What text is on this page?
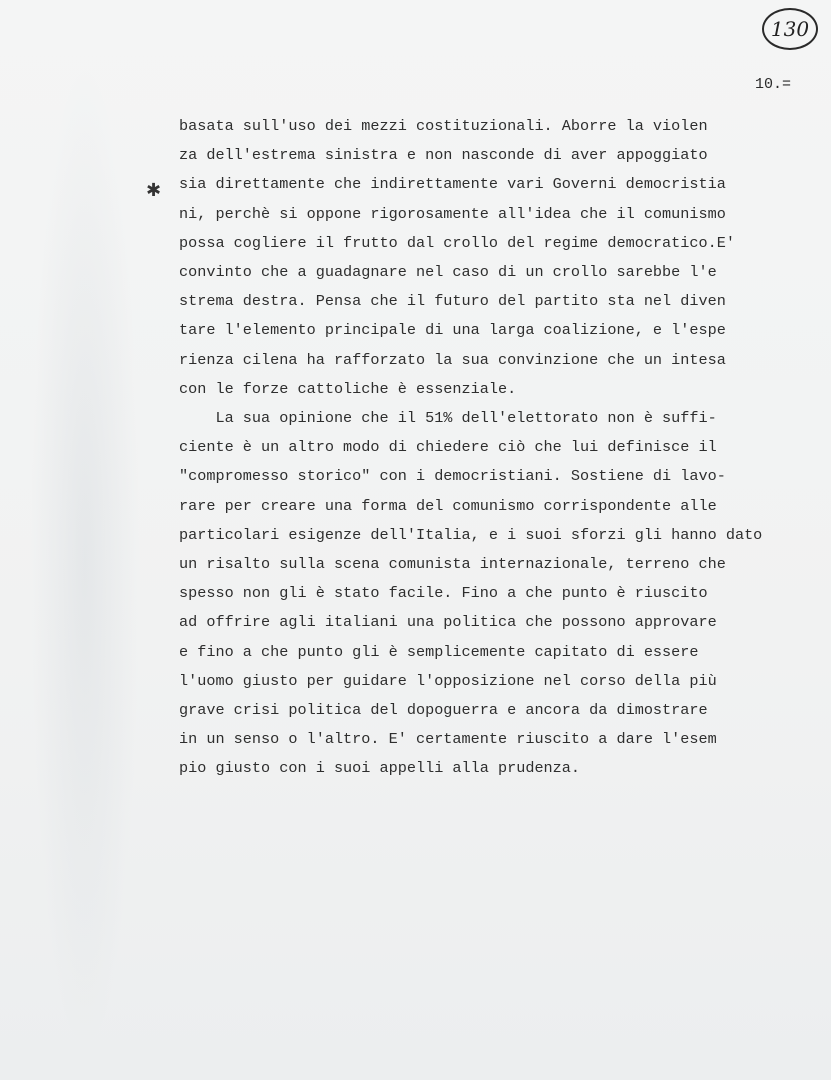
130
10.=
✱
basata sull'uso dei mezzi costituzionali. Aborre la violen
za dell'estrema sinistra e non nasconde di aver appoggiato
sia direttamente che indirettamente vari Governi democristia
ni, perchè si oppone rigorosamente all'idea che il comunismo
possa cogliere il frutto dal crollo del regime democratico.E'
convinto che a guadagnare nel caso di un crollo sarebbe l'e
strema destra. Pensa che il futuro del partito sta nel diven
tare l'elemento principale di una larga coalizione, e l'espe
rienza cilena ha rafforzato la sua convinzione che un intesa
con le forze cattoliche è essenziale.
La sua opinione che il 51% dell'elettorato non è suffi-
ciente è un altro modo di chiedere ciò che lui definisce il
"compromesso storico" con i democristiani. Sostiene di lavo-
rare per creare una forma del comunismo corrispondente alle
particolari esigenze dell'Italia, e i suoi sforzi gli hanno dato
un risalto sulla scena comunista internazionale, terreno che
spesso non gli è stato facile. Fino a che punto è riuscito
ad offrire agli italiani una politica che possono approvare
e fino a che punto gli è semplicemente capitato di essere
l'uomo giusto per guidare l'opposizione nel corso della più
grave crisi politica del dopoguerra e ancora da dimostrare
in un senso o l'altro. E' certamente riuscito a dare l'esem
pio giusto con i suoi appelli alla prudenza.
